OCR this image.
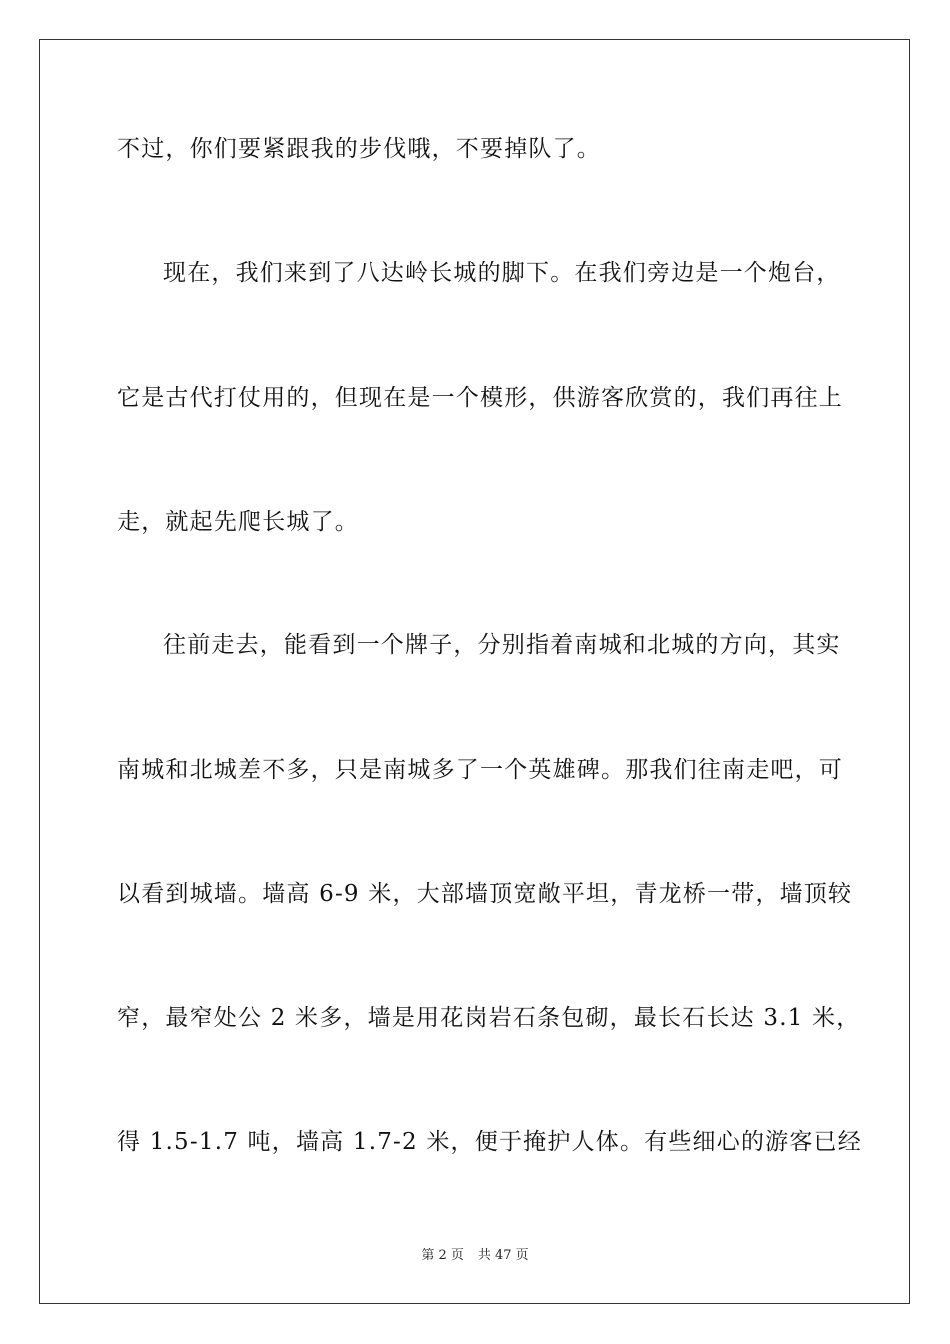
不过，你们要紧跟我的步伐哦，不要掉队了。
现在，我们来到了八达岭长城的脚下。在我们旁边是一个炮台，
它是古代打仗用的，但现在是一个模形，供游客欣赏的，我们再往上
走，就起先爬长城了。
往前走去，能看到一个牌子，分别指着南城和北城的方向，其实
南城和北城差不多，只是南城多了一个英雄碑。那我们往南走吧，可
以看到城墙。墙高 6-9 米，大部墙顶宽敞平坦，青龙桥一带，墙顶较
窄，最窄处公 2 米多，墙是用花岗岩石条包砌，最长石长达 3.1 米，
得 1.5-1.7 吨，墙高 1.7-2 米，便于掩护人体。有些细心的游客已经
第 2 页 共 47 页
